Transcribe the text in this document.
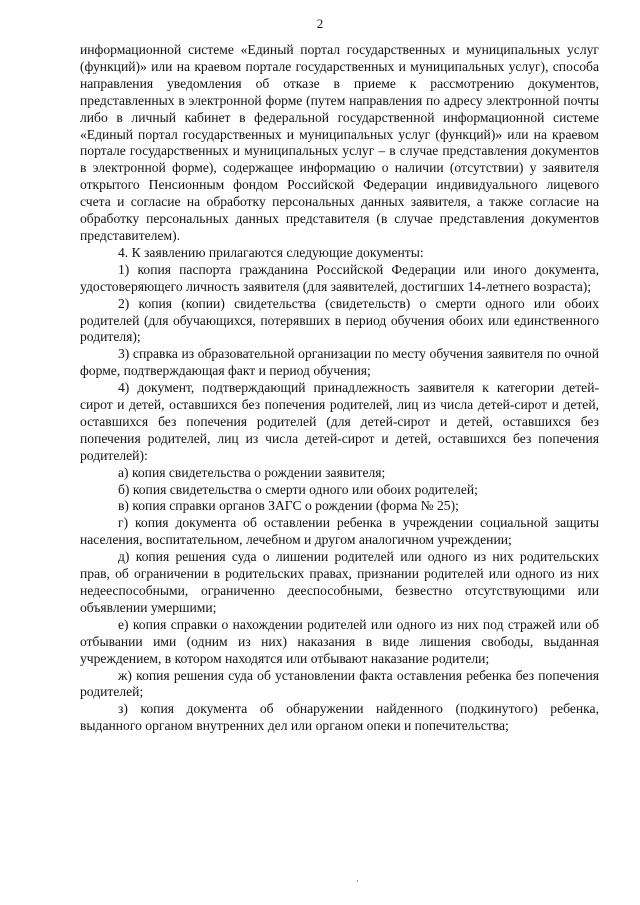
2

информационной системе «Единый портал государственных и муниципальных услуг (функций)» или на краевом портале государственных и муниципальных услуг), способа направления уведомления об отказе в приеме к рассмотрению документов, представленных в электронной форме (путем направления по адресу электронной почты либо в личный кабинет в федеральной государственной информационной системе «Единый портал государственных и муниципальных услуг (функций)» или на краевом портале государственных и муниципальных услуг – в случае представления документов в электронной форме), содержащее информацию о наличии (отсутствии) у заявителя открытого Пенсионным фондом Российской Федерации индивидуального лицевого счета и согласие на обработку персональных данных заявителя, а также согласие на обработку персональных данных представителя (в случае представления документов представителем).

4. К заявлению прилагаются следующие документы:

1) копия паспорта гражданина Российской Федерации или иного документа, удостоверяющего личность заявителя (для заявителей, достигших 14-летнего возраста);

2) копия (копии) свидетельства (свидетельств) о смерти одного или обоих родителей (для обучающихся, потерявших в период обучения обоих или единственного родителя);

3) справка из образовательной организации по месту обучения заявителя по очной форме, подтверждающая факт и период обучения;

4) документ, подтверждающий принадлежность заявителя к категории детей-сирот и детей, оставшихся без попечения родителей, лиц из числа детей-сирот и детей, оставшихся без попечения родителей (для детей-сирот и детей, оставшихся без попечения родителей, лиц из числа детей-сирот и детей, оставшихся без попечения родителей):

а) копия свидетельства о рождении заявителя;

б) копия свидетельства о смерти одного или обоих родителей;

в) копия справки органов ЗАГС о рождении (форма № 25);

г) копия документа об оставлении ребенка в учреждении социальной защиты населения, воспитательном, лечебном и другом аналогичном учреждении;

д) копия решения суда о лишении родителей или одного из них родительских прав, об ограничении в родительских правах, признании родителей или одного из них недееспособными, ограниченно дееспособными, безвестно отсутствующими или объявлении умершими;

е) копия справки о нахождении родителей или одного из них под стражей или об отбывании ими (одним из них) наказания в виде лишения свободы, выданная учреждением, в котором находятся или отбывают наказание родители;

ж) копия решения суда об установлении факта оставления ребенка без попечения родителей;

з) копия документа об обнаружении найденного (подкинутого) ребенка, выданного органом внутренних дел или органом опеки и попечительства;
